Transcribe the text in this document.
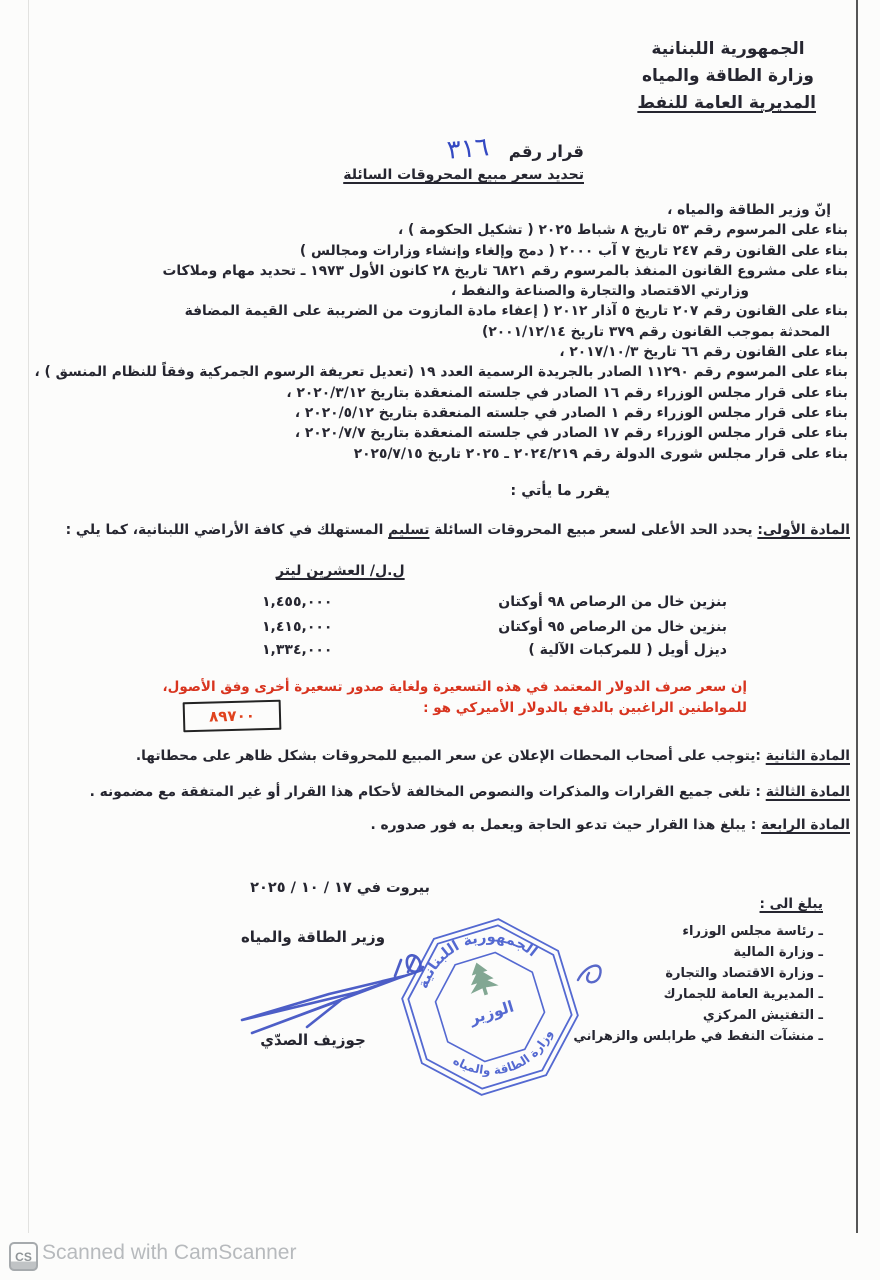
الجمهورية اللبنانية
وزارة الطاقة والمياه
المديرية العامة للنفط
قرار رقم ٣١٦
تحديد سعر مبيع المحروقات السائلة
إنّ وزير الطاقة والمياه ،
بناء على المرسوم رقم ٥٣ تاريخ ٨ شباط ٢٠٢٥ ( تشكيل الحكومة ) ،
بناء على القانون رقم ٢٤٧ تاريخ ٧ آب ٢٠٠٠ ( دمج وإلغاء وإنشاء وزارات ومجالس )
بناء على مشروع القانون المنفذ بالمرسوم رقم ٦٨٢١ تاريخ ٢٨ كانون الأول ١٩٧٣ ـ تحديد مهام وملاكات
وزارتي الاقتصاد والتجارة والصناعة والنفط ،
بناء على القانون رقم ٢٠٧ تاريخ ٥ آذار ٢٠١٢ ( إعفاء مادة المازوت من الضريبة على القيمة المضافة
المحدثة بموجب القانون رقم ٣٧٩ تاريخ ٢٠٠١/١٢/١٤)
بناء على القانون رقم ٦٦ تاريخ ٢٠١٧/١٠/٣ ،
بناء على المرسوم رقم ١١٢٩٠ الصادر بالجريدة الرسمية العدد ١٩ (تعديل تعريفة الرسوم الجمركية وفقاً للنظام المنسق ) ،
بناء على قرار مجلس الوزراء رقم ١٦ الصادر في جلسته المنعقدة بتاريخ ٢٠٢٠/٣/١٢ ،
بناء على قرار مجلس الوزراء رقم ١ الصادر في جلسته المنعقدة بتاريخ ٢٠٢٠/٥/١٢ ،
بناء على قرار مجلس الوزراء رقم ١٧ الصادر في جلسته المنعقدة بتاريخ ٢٠٢٠/٧/٧ ،
بناء على قرار مجلس شورى الدولة رقم ٢٠٢٤/٢١٩ ـ ٢٠٢٥ تاريخ ٢٠٢٥/٧/١٥
يقرر ما يأتي :
المادة الأولى: يحدد الحد الأعلى لسعر مبيع المحروقات السائلة تسليم المستهلك في كافة الأراضي اللبنانية، كما يلي :
ل.ل/ العشرين ليتر
بنزين خال من الرصاص ٩٨ أوكتان
١,٤٥٥,٠٠٠
بنزين خال من الرصاص ٩٥ أوكتان
١,٤١٥,٠٠٠
ديزل أويل ( للمركبات الآلية )
١,٣٣٤,٠٠٠
إن سعر صرف الدولار المعتمد في هذه التسعيرة ولغاية صدور تسعيرة أخرى وفق الأصول،
للمواطنين الراغبين بالدفع بالدولار الأميركي هو :
٨٩٧٠٠
المادة الثانية :يتوجب على أصحاب المحطات الإعلان عن سعر المبيع للمحروقات بشكل ظاهر على محطاتها.
المادة الثالثة : تلغى جميع القرارات والمذكرات والنصوص المخالفة لأحكام هذا القرار أو غير المتفقة مع مضمونه .
المادة الرابعة : يبلغ هذا القرار حيث تدعو الحاجة ويعمل به فور صدوره .
بيروت في ١٧ / ١٠ / ٢٠٢٥
يبلغ الى :
ـ رئاسة مجلس الوزراء
ـ وزارة المالية
ـ وزارة الاقتصاد والتجارة
ـ المديرية العامة للجمارك
ـ التفتيش المركزي
ـ منشآت النفط في طرابلس والزهراني
وزير الطاقة والمياه
جوزيف الصدّي
الجمهورية اللبنانية
وزارة الطاقة والمياه
الوزير
CS Scanned with CamScanner
